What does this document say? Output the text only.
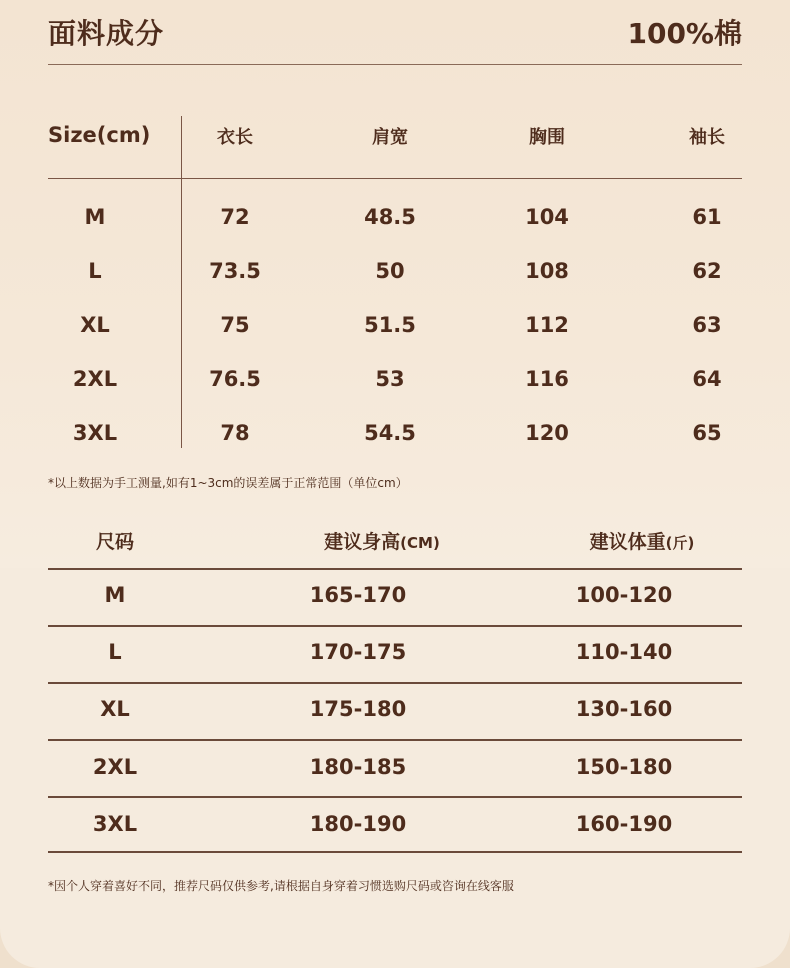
面料成分	100%棉
Size(cm)	衣长	肩宽	胸围	袖长
M	72	48.5	104	61
L	73.5	50	108	62
XL	75	51.5	112	63
2XL	76.5	53	116	64
3XL	78	54.5	120	65
*以上数据为手工测量,如有1~3cm的误差属于正常范围（单位cm）
尺码	建议身高(CM)	建议体重(斤)
M	165-170	100-120
L	170-175	110-140
XL	175-180	130-160
2XL	180-185	150-180
3XL	180-190	160-190
*因个人穿着喜好不同，推荐尺码仅供参考,请根据自身穿着习惯选购尺码或咨询在线客服
